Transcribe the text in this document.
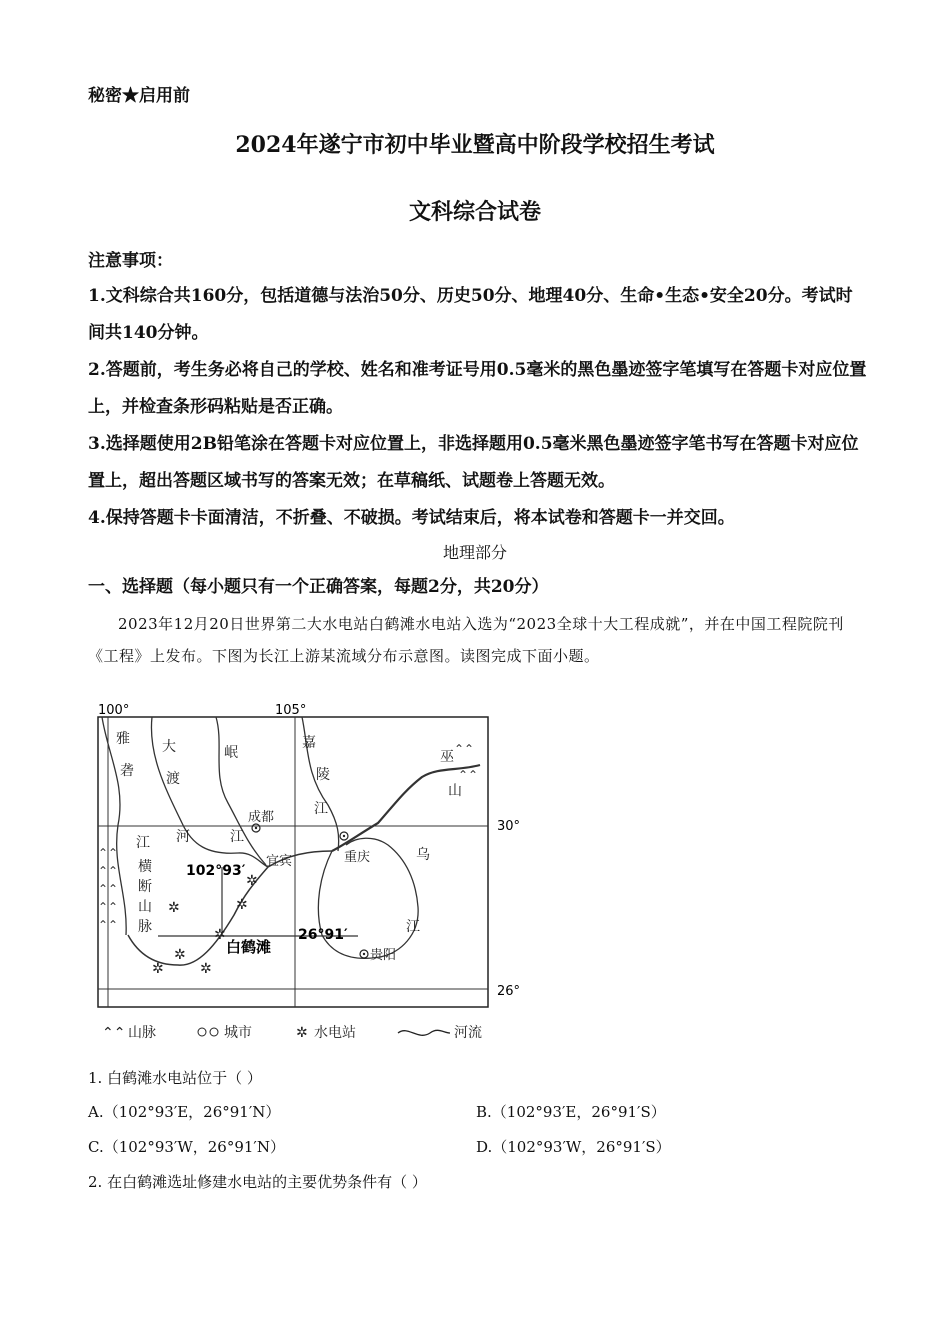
秘密★启用前
2024年遂宁市初中毕业暨高中阶段学校招生考试
文科综合试卷
注意事项：

1.文科综合共160分，包括道德与法治50分、历史50分、地理40分、生命•生态•安全20分。考试时间共140分钟。

2.答题前，考生务必将自己的学校、姓名和准考证号用0.5毫米的黑色墨迹签字笔填写在答题卡对应位置上，并检查条形码粘贴是否正确。

3.选择题使用2B铅笔涂在答题卡对应位置上，非选择题用0.5毫米黑色墨迹签字笔书写在答题卡对应位置上，超出答题区域书写的答案无效；在草稿纸、试题卷上答题无效。

4.保持答题卡卡面清洁，不折叠、不破损。考试结束后，将本试卷和答题卡一并交回。

地理部分
一、选择题（每小题只有一个正确答案，每题2分，共20分）
2023年12月20日世界第二大水电站白鹤滩水电站入选为“2023全球十大工程成就”，并在中国工程院院刊《工程》上发布。下图为长江上游某流域分布示意图。读图完成下面小题。
100°	105°
30°
26°
✲
✲	✲
✲
✲
✲	✲
⌃⌃
⌃⌃
⌃⌃
⌃⌃
⌃⌃
⌃⌃
⌃⌃
雅
砻
江
大
渡
河
岷
江
嘉
陵
江
乌
江
横
断
山
脉
巫
山
成都
宜宾	重庆
贵阳
白鹤滩
102°93′
26°91′
⌃⌃ 山脉	城市	✲ 水电站	河流
1. 白鹤滩水电站位于（ ）
A.（102°93′E，26°91′N）	B.（102°93′E，26°91′S）
C.（102°93′W，26°91′N）	D.（102°93′W，26°91′S）
2. 在白鹤滩选址修建水电站的主要优势条件有（ ）
